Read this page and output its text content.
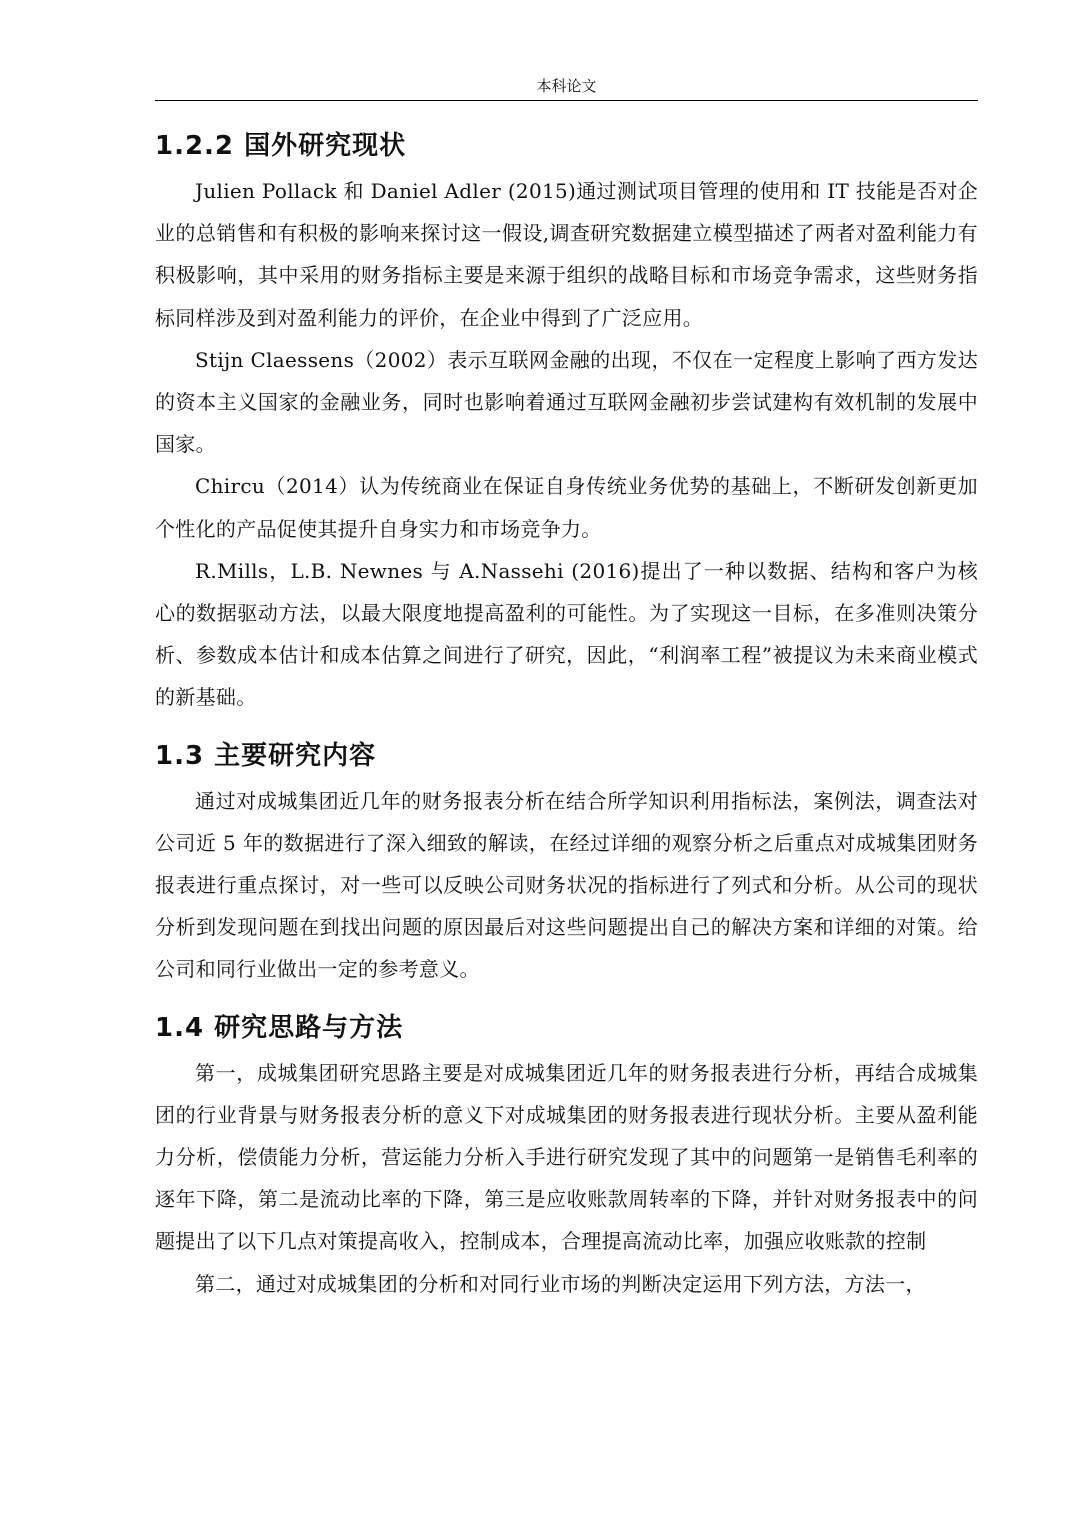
本科论文
1.2.2 国外研究现状

Julien Pollack 和 Daniel Adler (2015)通过测试项目管理的使用和 IT 技能是否对企业的总销售和有积极的影响来探讨这一假设,调查研究数据建立模型描述了两者对盈利能力有积极影响，其中采用的财务指标主要是来源于组织的战略目标和市场竞争需求，这些财务指标同样涉及到对盈利能力的评价，在企业中得到了广泛应用。

Stijn Claessens（2002）表示互联网金融的出现，不仅在一定程度上影响了西方发达的资本主义国家的金融业务，同时也影响着通过互联网金融初步尝试建构有效机制的发展中国家。

Chircu（2014）认为传统商业在保证自身传统业务优势的基础上，不断研发创新更加个性化的产品促使其提升自身实力和市场竞争力。

R.Mills，L.B. Newnes 与 A.Nassehi (2016)提出了一种以数据、结构和客户为核心的数据驱动方法，以最大限度地提高盈利的可能性。为了实现这一目标，在多准则决策分析、参数成本估计和成本估算之间进行了研究，因此，“利润率工程”被提议为未来商业模式的新基础。

1.3 主要研究内容

通过对成城集团近几年的财务报表分析在结合所学知识利用指标法，案例法，调查法对公司近 5 年的数据进行了深入细致的解读，在经过详细的观察分析之后重点对成城集团财务报表进行重点探讨，对一些可以反映公司财务状况的指标进行了列式和分析。从公司的现状分析到发现问题在到找出问题的原因最后对这些问题提出自己的解决方案和详细的对策。给公司和同行业做出一定的参考意义。

1.4 研究思路与方法

第一，成城集团研究思路主要是对成城集团近几年的财务报表进行分析，再结合成城集团的行业背景与财务报表分析的意义下对成城集团的财务报表进行现状分析。主要从盈利能力分析，偿债能力分析，营运能力分析入手进行研究发现了其中的问题第一是销售毛利率的逐年下降，第二是流动比率的下降，第三是应收账款周转率的下降，并针对财务报表中的问题提出了以下几点对策提高收入，控制成本，合理提高流动比率，加强应收账款的控制

第二，通过对成城集团的分析和对同行业市场的判断决定运用下列方法，方法一，
